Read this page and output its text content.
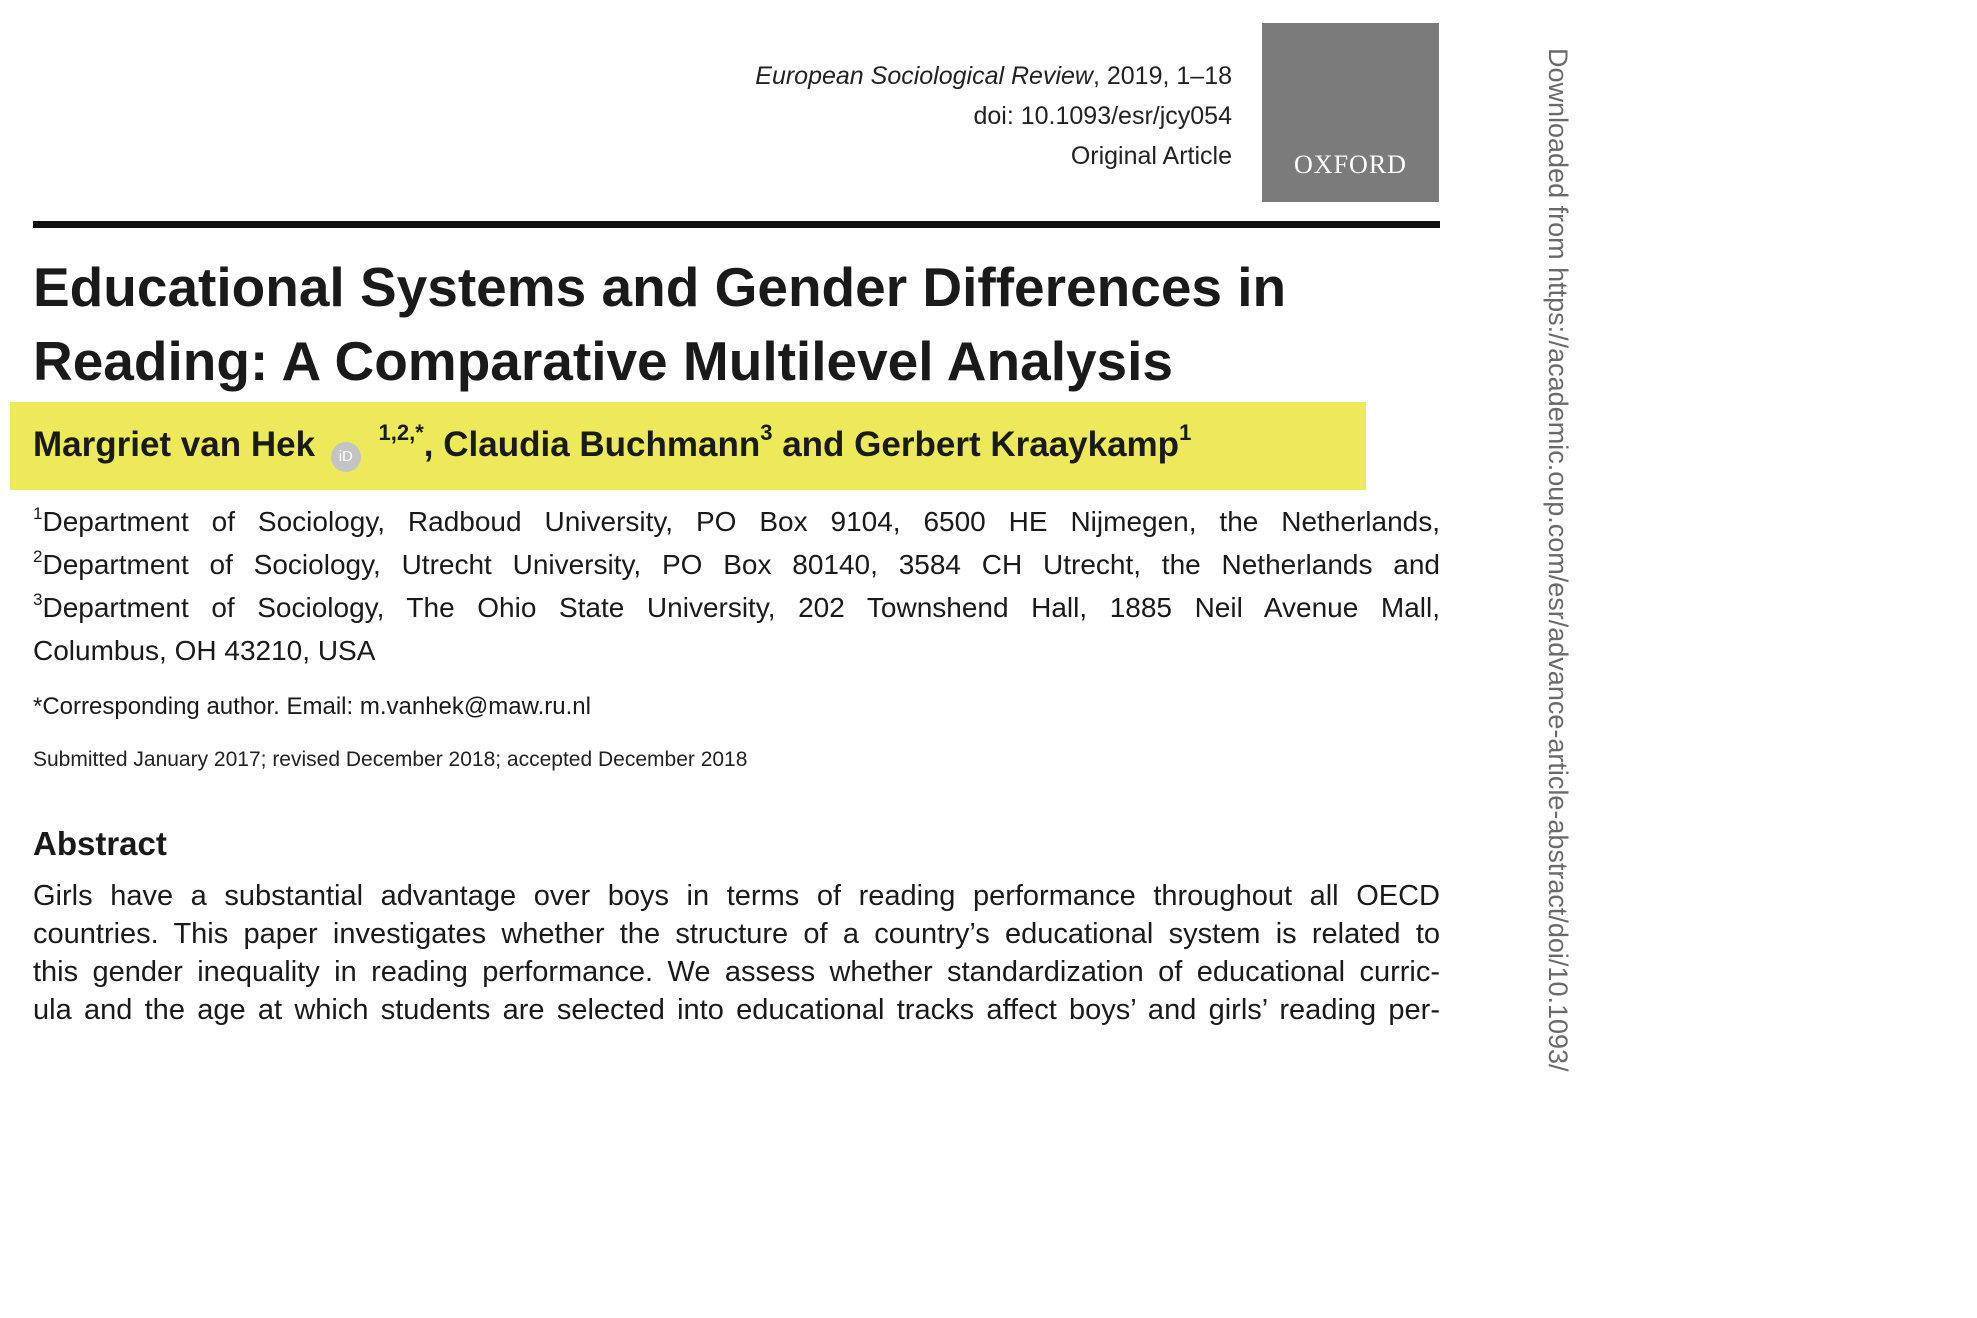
European Sociological Review, 2019, 1–18
doi: 10.1093/esr/jcy054
Original Article OXFORD
Educational Systems and Gender Differences in
Reading: A Comparative Multilevel Analysis
Margriet van Hek iD $^{1,2,*}$, Claudia Buchmann$^3$ and Gerbert Kraaykamp$^1$
$^1$Department of Sociology, Radboud University, PO Box 9104, 6500 HE Nijmegen, the Netherlands,
$^2$Department of Sociology, Utrecht University, PO Box 80140, 3584 CH Utrecht, the Netherlands and
$^3$Department of Sociology, The Ohio State University, 202 Townshend Hall, 1885 Neil Avenue Mall,
Columbus, OH 43210, USA
*Corresponding author. Email: m.vanhek@maw.ru.nl
Submitted January 2017; revised December 2018; accepted December 2018
Abstract
Girls have a substantial advantage over boys in terms of reading performance throughout all OECD
countries. This paper investigates whether the structure of a country’s educational system is related to
this gender inequality in reading performance. We assess whether standardization of educational curric-
ula and the age at which students are selected into educational tracks affect boys’ and girls’ reading per-	Downloaded from https://academic.oup.com/esr/advance-article-abstract/doi/10.1093/
